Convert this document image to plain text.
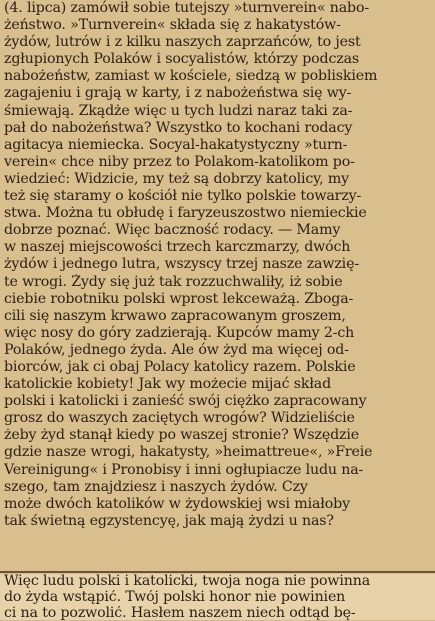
(4. lipca) zamówił sobie tutejszy »turnverein« nabo-
żeństwo. »Turnverein« składa się z hakatystów-
żydów, lutrów i z kilku naszych zaprzańców, to jest
zgłupionych Polaków i socyalistów, którzy podczas
nabożeństw, zamiast w kościele, siedzą w pobliskiem
zagajeniu i grają w karty, i z nabożeństwa się wy-
śmiewają. Zkądże więc u tych ludzi naraz taki za-
pał do nabożeństwa? Wszystko to kochani rodacy
agitacya niemiecka. Socyal-hakatystyczny »turn-
verein« chce niby przez to Polakom-katolikom po-
wiedzieć: Widzicie, my też są dobrzy katolicy, my
też się staramy o kościół nie tylko polskie towarzy-
stwa. Można tu obłudę i faryzeuszostwo niemieckie
dobrze poznać. Więc baczność rodacy. — Mamy
w naszej miejscowości trzech karczmarzy, dwóch
żydów i jednego lutra, wszyscy trzej nasze zawzię-
te wrogi. Żydy się już tak rozzuchwaliły, iż sobie
ciebie robotniku polski wprost lekceważą. Zboga-
cili się naszym krwawo zapracowanym groszem,
więc nosy do góry zadzierają. Kupców mamy 2-ch
Polaków, jednego żyda. Ale ów żyd ma więcej od-
biorców, jak ci obaj Polacy katolicy razem. Polskie
katolickie kobiety! Jak wy możecie mijać skład
polski i katolicki i zanieść swój ciężko zapracowany
grosz do waszych zaciętych wrogów? Widzieliście
żeby żyd stanął kiedy po waszej stronie? Wszędzie
gdzie nasze wrogi, hakatysty, »heimattreue«, »Freie
Vereinigung« i Pronobisy i inni ogłupiacze ludu na-
szego, tam znajdziesz i naszych żydów. Czy
może dwóch katolików w żydowskiej wsi miałoby
tak świetną egzystencyę, jak mają żydzi u nas?
Więc ludu polski i katolicki, twoja noga nie powinna
do żyda wstąpić. Twój polski honor nie powinien
ci na to pozwolić. Hasłem naszem niech odtąd bę-
